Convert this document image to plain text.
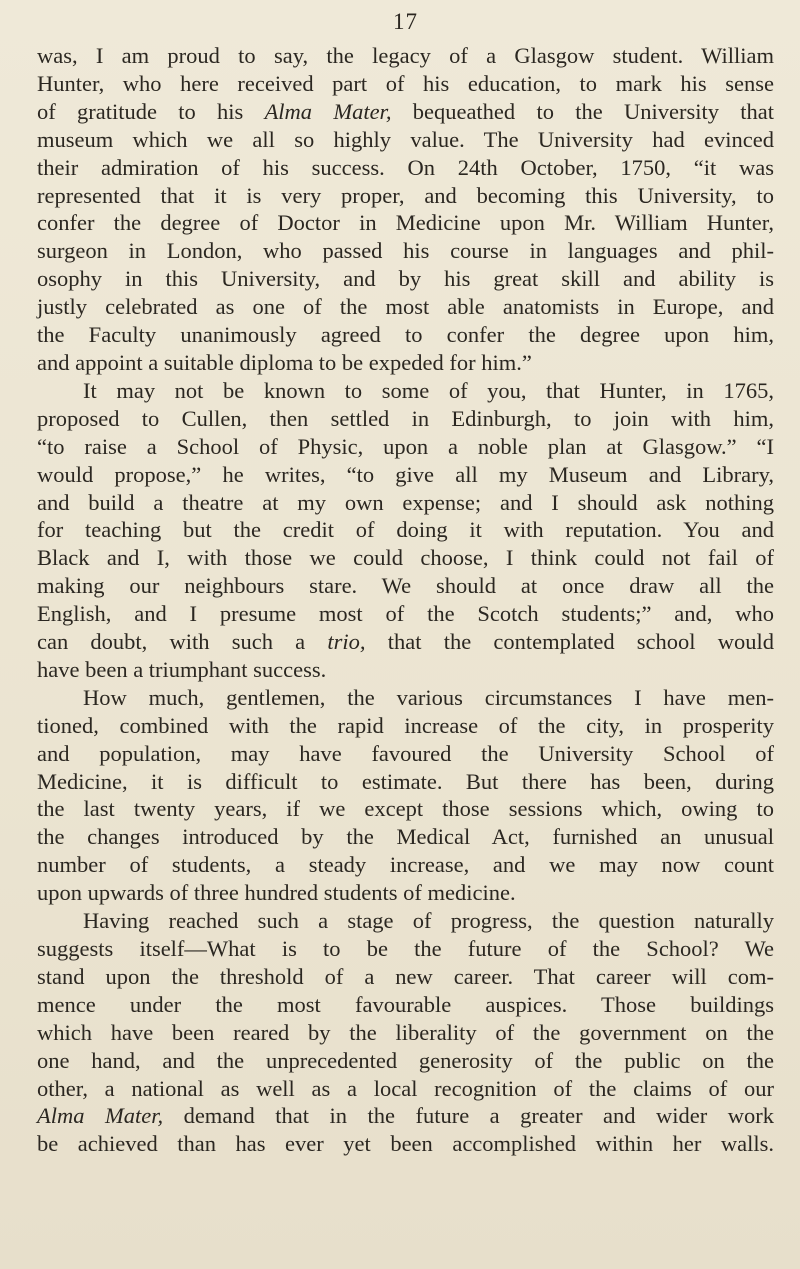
17
was, I am proud to say, the legacy of a Glasgow student. William
Hunter, who here received part of his education, to mark his sense
of gratitude to his Alma Mater, bequeathed to the University that
museum which we all so highly value. The University had evinced
their admiration of his success. On 24th October, 1750, “it was
represented that it is very proper, and becoming this University, to
confer the degree of Doctor in Medicine upon Mr. William Hunter,
surgeon in London, who passed his course in languages and phil-
osophy in this University, and by his great skill and ability is
justly celebrated as one of the most able anatomists in Europe, and
the Faculty unanimously agreed to confer the degree upon him,
and appoint a suitable diploma to be expeded for him.”
It may not be known to some of you, that Hunter, in 1765,
proposed to Cullen, then settled in Edinburgh, to join with him,
“to raise a School of Physic, upon a noble plan at Glasgow.” “I
would propose,” he writes, “to give all my Museum and Library,
and build a theatre at my own expense; and I should ask nothing
for teaching but the credit of doing it with reputation. You and
Black and I, with those we could choose, I think could not fail of
making our neighbours stare. We should at once draw all the
English, and I presume most of the Scotch students;” and, who
can doubt, with such a trio, that the contemplated school would
have been a triumphant success.
How much, gentlemen, the various circumstances I have men-
tioned, combined with the rapid increase of the city, in prosperity
and population, may have favoured the University School of
Medicine, it is difficult to estimate. But there has been, during
the last twenty years, if we except those sessions which, owing to
the changes introduced by the Medical Act, furnished an unusual
number of students, a steady increase, and we may now count
upon upwards of three hundred students of medicine.
Having reached such a stage of progress, the question naturally
suggests itself—What is to be the future of the School? We
stand upon the threshold of a new career. That career will com-
mence under the most favourable auspices. Those buildings
which have been reared by the liberality of the government on the
one hand, and the unprecedented generosity of the public on the
other, a national as well as a local recognition of the claims of our
Alma Mater, demand that in the future a greater and wider work
be achieved than has ever yet been accomplished within her walls.
